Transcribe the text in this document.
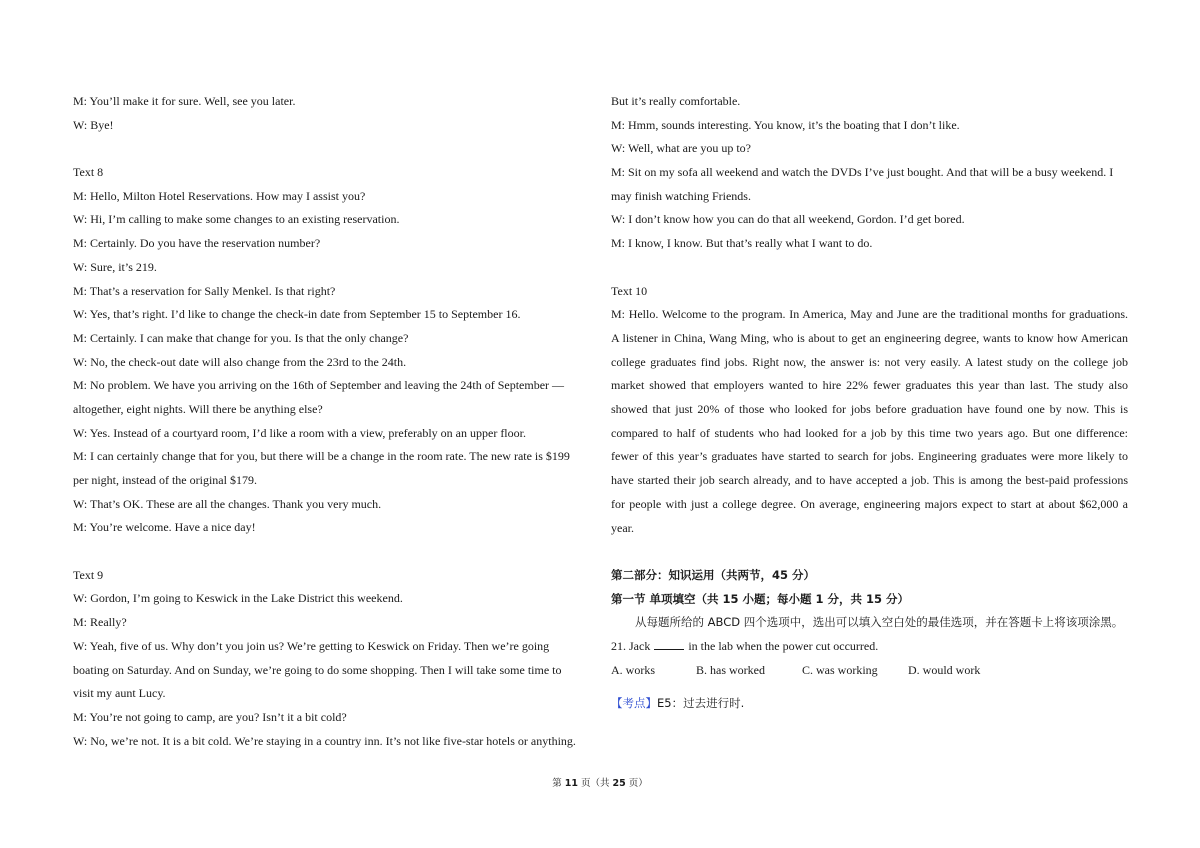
M: You’ll make it for sure. Well, see you later.
W: Bye!
Text 8
M: Hello, Milton Hotel Reservations. How may I assist you?
W: Hi, I’m calling to make some changes to an existing reservation.
M: Certainly. Do you have the reservation number?
W: Sure, it’s 219.
M: That’s a reservation for Sally Menkel. Is that right?
W: Yes, that’s right. I’d like to change the check-in date from September 15 to September 16.
M: Certainly. I can make that change for you. Is that the only change?
W: No, the check-out date will also change from the 23rd to the 24th.
M: No problem. We have you arriving on the 16th of September and leaving the 24th of September —
altogether, eight nights. Will there be anything else?
W: Yes. Instead of a courtyard room, I’d like a room with a view, preferably on an upper floor.
M: I can certainly change that for you, but there will be a change in the room rate. The new rate is $199
per night, instead of the original $179.
W: That’s OK. These are all the changes. Thank you very much.
M: You’re welcome. Have a nice day!
Text 9
W: Gordon, I’m going to Keswick in the Lake District this weekend.
M: Really?
W: Yeah, five of us. Why don’t you join us? We’re getting to Keswick on Friday. Then we’re going
boating on Saturday. And on Sunday, we’re going to do some shopping. Then I will take some time to
visit my aunt Lucy.
M: You’re not going to camp, are you? Isn’t it a bit cold?
W: No, we’re not. It is a bit cold. We’re staying in a country inn. It’s not like five-star hotels or anything.
But it’s really comfortable.
M: Hmm, sounds interesting. You know, it’s the boating that I don’t like.
W: Well, what are you up to?
M: Sit on my sofa all weekend and watch the DVDs I’ve just bought. And that will be a busy weekend. I
may finish watching Friends.
W: I don’t know how you can do that all weekend, Gordon. I’d get bored.
M: I know, I know. But that’s really what I want to do.
Text 10
M: Hello. Welcome to the program. In America, May and June are the traditional months for graduations. A listener in China, Wang Ming, who is about to get an engineering degree, wants to know how American college graduates find jobs. Right now, the answer is: not very easily. A latest study on the college job market showed that employers wanted to hire 22% fewer graduates this year than last. The study also showed that just 20% of those who looked for jobs before graduation have found one by now. This is compared to half of students who had looked for a job by this time two years ago. But one difference: fewer of this year’s graduates have started to search for jobs. Engineering graduates were more likely to have started their job search already, and to have accepted a job. This is among the best-paid professions for people with just a college degree. On average, engineering majors expect to start at about $62,000 a year.
第二部分：知识运用（共两节，45 分）
第一节 单项填空（共 15 小题；每小题 1 分，共 15 分）
从每题所给的 ABCD 四个选项中，选出可以填入空白处的最佳选项，并在答题卡上将该项涂黑。
21. Jack	in the lab when the power cut occurred.
A. works	B. has worked	C. was working	D. would work
【考点】E5：过去进行时.
第 11 页（共 25 页）
